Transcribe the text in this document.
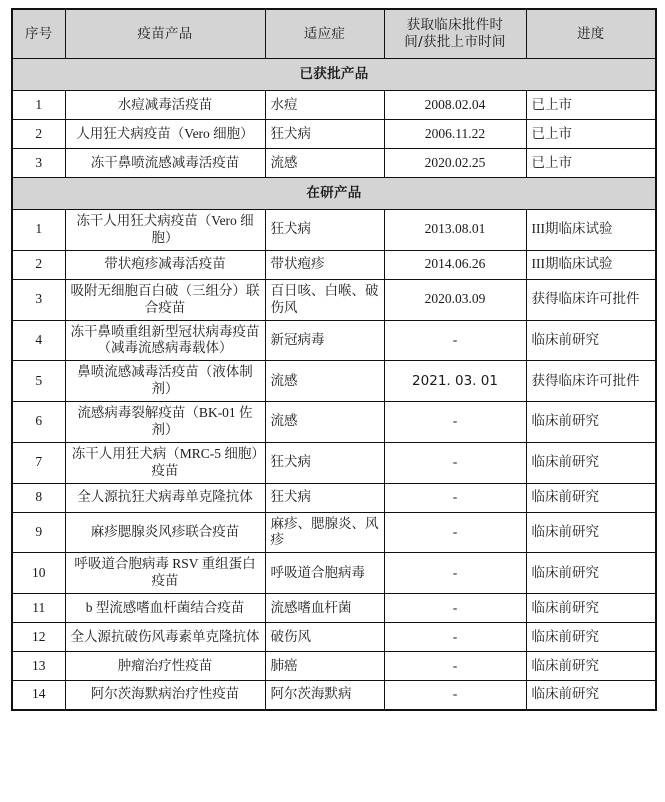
序号	疫苗产品	适应症	获取临床批件时
间/获批上市时间	进度
已获批产品				
1	水痘减毒活疫苗	水痘	2008.02.04	已上市
2	人用狂犬病疫苗（Vero 细胞）	狂犬病	2006.11.22	已上市
3	冻干鼻喷流感减毒活疫苗	流感	2020.02.25	已上市
在研产品				
1	冻干人用狂犬病疫苗（Vero 细胞）	狂犬病	2013.08.01	III期临床试验
2	带状疱疹减毒活疫苗	带状疱疹	2014.06.26	III期临床试验
3	吸附无细胞百白破（三组分）联合疫苗	百日咳、白喉、破伤风	2020.03.09	获得临床许可批件
4	冻干鼻喷重组新型冠状病毒疫苗（减毒流感病毒载体）	新冠病毒	-	临床前研究
5	鼻喷流感减毒活疫苗（液体制剂）	流感	2021. 03. 01	获得临床许可批件
6	流感病毒裂解疫苗（BK-01 佐剂）	流感	-	临床前研究
7	冻干人用狂犬病（MRC-5 细胞）疫苗	狂犬病	-	临床前研究
8	全人源抗狂犬病毒单克隆抗体	狂犬病	-	临床前研究
9	麻疹腮腺炎风疹联合疫苗	麻疹、腮腺炎、风疹	-	临床前研究
10	呼吸道合胞病毒 RSV 重组蛋白疫苗	呼吸道合胞病毒	-	临床前研究
11	b 型流感嗜血杆菌结合疫苗	流感嗜血杆菌	-	临床前研究
12	全人源抗破伤风毒素单克隆抗体	破伤风	-	临床前研究
13	肿瘤治疗性疫苗	肺癌	-	临床前研究
14	阿尔茨海默病治疗性疫苗	阿尔茨海默病	-	临床前研究
